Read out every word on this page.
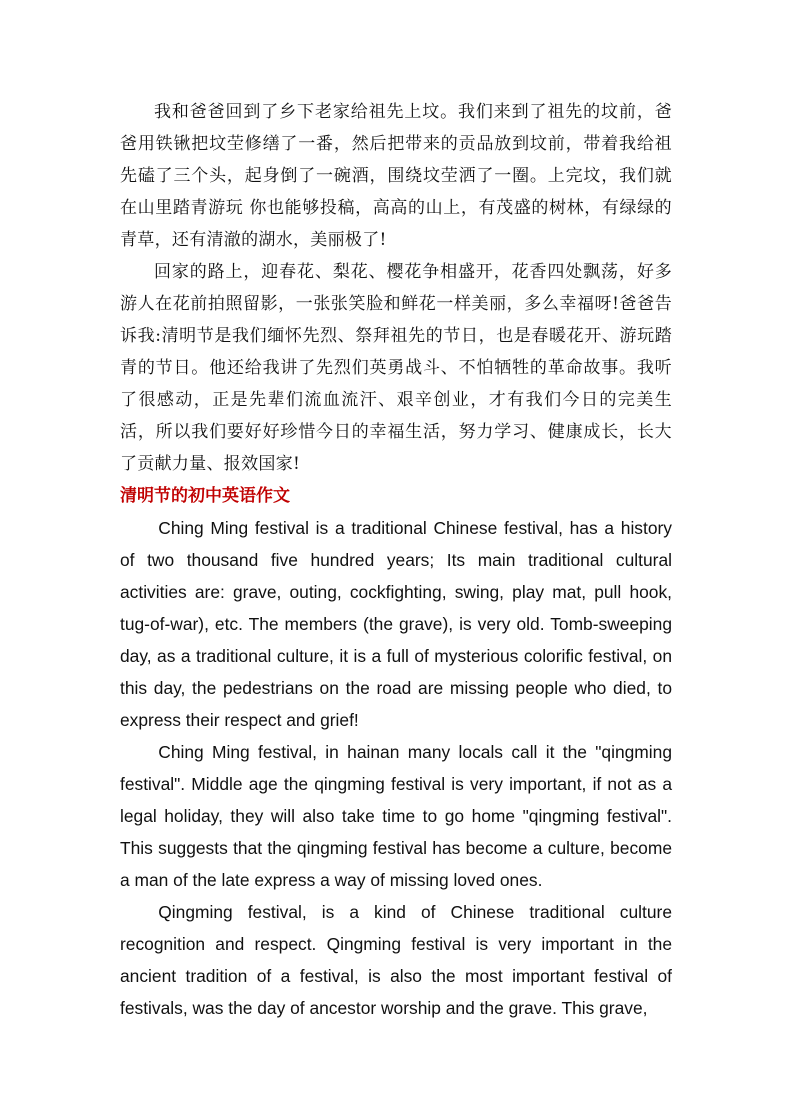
我和爸爸回到了乡下老家给祖先上坟。我们来到了祖先的坟前，爸爸用铁锹把坟茔修缮了一番，然后把带来的贡品放到坟前，带着我给祖先磕了三个头，起身倒了一碗酒，围绕坟茔洒了一圈。上完坟，我们就在山里踏青游玩 你也能够投稿，高高的山上，有茂盛的树林，有绿绿的青草，还有清澈的湖水，美丽极了!

回家的路上，迎春花、梨花、樱花争相盛开，花香四处飘荡，好多游人在花前拍照留影，一张张笑脸和鲜花一样美丽，多么幸福呀!爸爸告诉我:清明节是我们缅怀先烈、祭拜祖先的节日，也是春暖花开、游玩踏青的节日。他还给我讲了先烈们英勇战斗、不怕牺牲的革命故事。我听了很感动，正是先辈们流血流汗、艰辛创业，才有我们今日的完美生活，所以我们要好好珍惜今日的幸福生活，努力学习、健康成长，长大了贡献力量、报效国家!

清明节的初中英语作文

Ching Ming festival is a traditional Chinese festival, has a history of two thousand five hundred years; Its main traditional cultural activities are: grave, outing, cockfighting, swing, play mat, pull hook, tug-of-war), etc. The members (the grave), is very old. Tomb-sweeping day, as a traditional culture, it is a full of mysterious colorific festival, on this day, the pedestrians on the road are missing people who died, to express their respect and grief!

Ching Ming festival, in hainan many locals call it the "qingming festival". Middle age the qingming festival is very important, if not as a legal holiday, they will also take time to go home "qingming festival". This suggests that the qingming festival has become a culture, become a man of the late express a way of missing loved ones.

Qingming festival, is a kind of Chinese traditional culture recognition and respect. Qingming festival is very important in the ancient tradition of a festival, is also the most important festival of festivals, was the day of ancestor worship and the grave. This grave,
